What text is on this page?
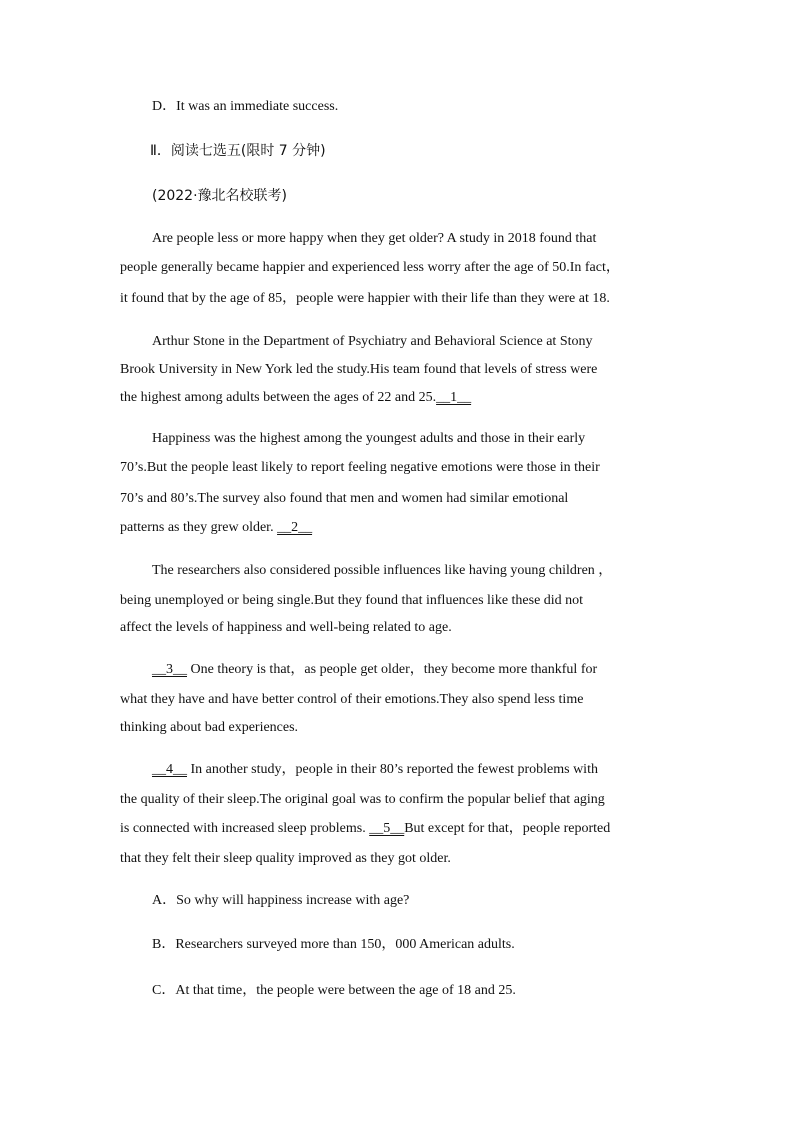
D．It was an immediate success.
Ⅱ．阅读七选五(限时 7 分钟)
(2022·豫北名校联考)
Are people less or more happy when they get older? A study in 2018 found that
people generally became happier and experienced less worry after the age of 50.In fact，
it found that by the age of 85，people were happier with their life than they were at 18.
Arthur Stone in the Department of Psychiatry and Behavioral Science at Stony
Brook University in New York led the study.His team found that levels of stress were
the highest among adults between the ages of 22 and 25.__1__
Happiness was the highest among the youngest adults and those in their early
70’s.But the people least likely to report feeling negative emotions were those in their
70’s and 80’s.The survey also found that men and women had similar emotional
patterns as they grew older. __2__
The researchers also considered possible influences like having young children ，
being unemployed or being single.But they found that influences like these did not
affect the levels of happiness and well-being related to age.
__3__ One theory is that，as people get older，they become more thankful for
what they have and have better control of their emotions.They also spend less time
thinking about bad experiences.
__4__ In another study，people in their 80’s reported the fewest problems with
the quality of their sleep.The original goal was to confirm the popular belief that aging
is connected with increased sleep problems. __5__But except for that，people reported
that they felt their sleep quality improved as they got older.
A．So why will happiness increase with age?
B．Researchers surveyed more than 150，000 American adults.
C．At that time，the people were between the age of 18 and 25.
